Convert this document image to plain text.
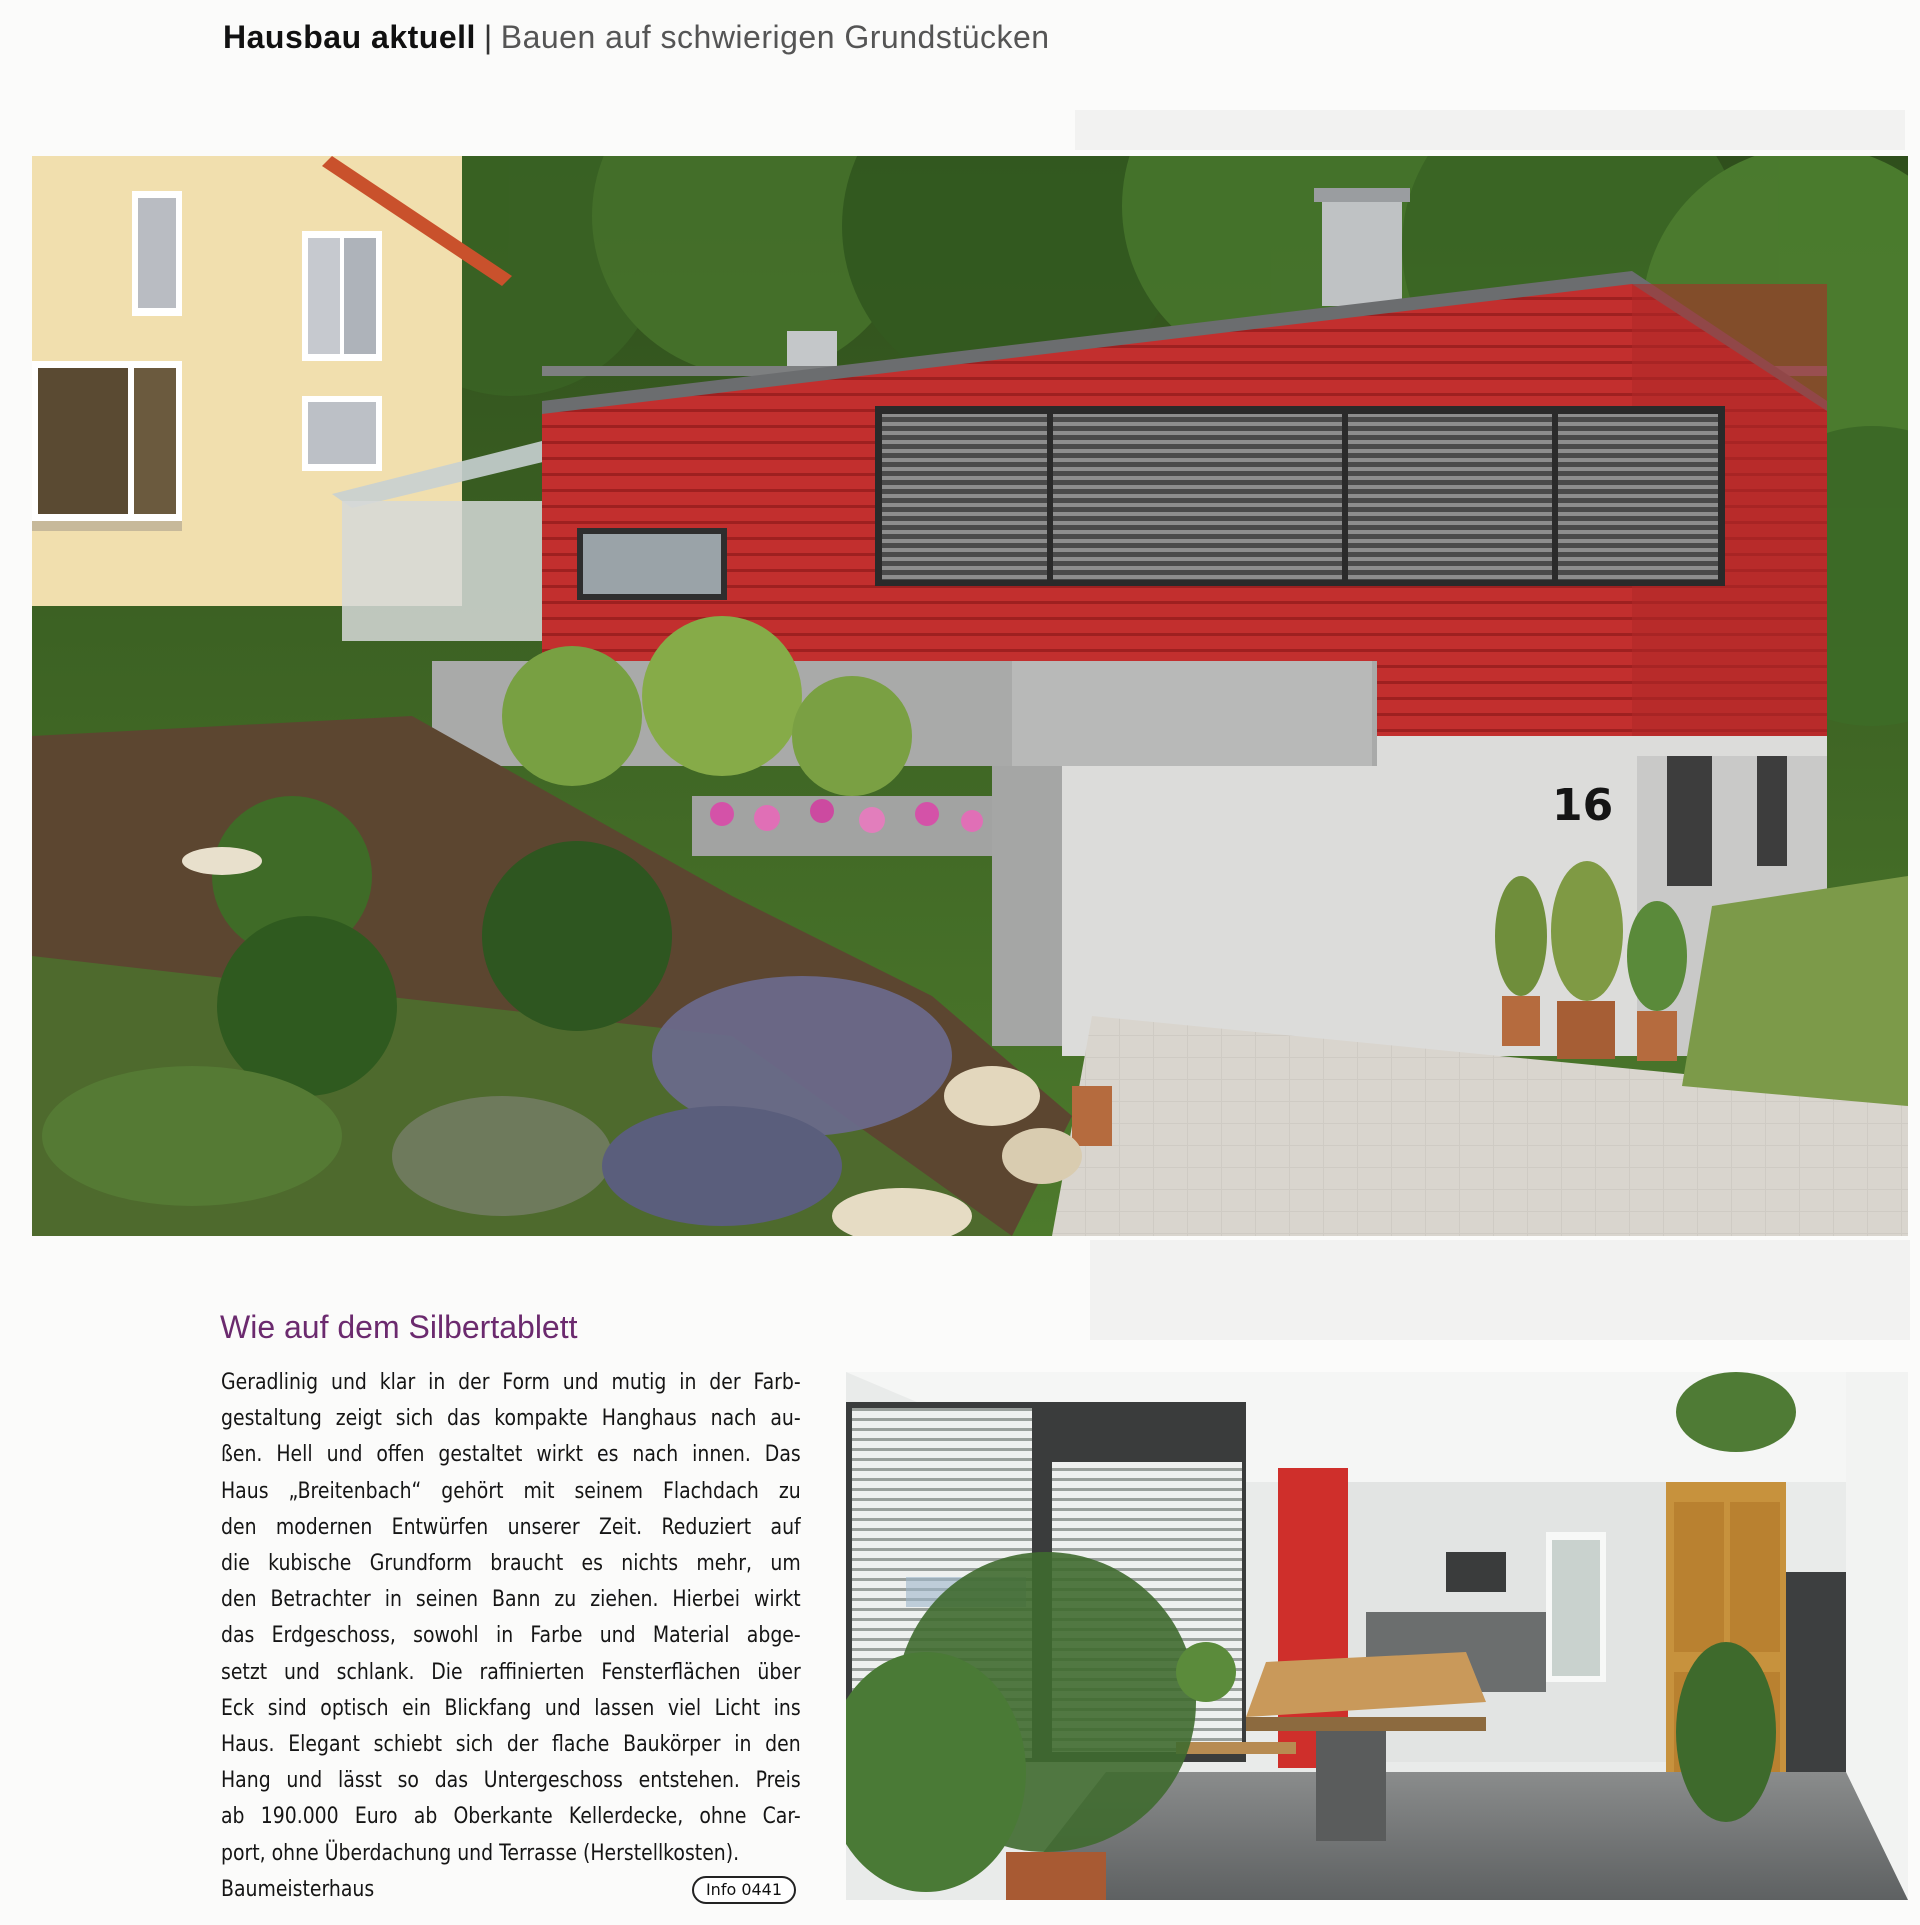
Hausbau aktuell | Bauen auf schwierigen Grundstücken
16
Wie auf dem Silbertablett
Geradlinig und klar in der Form und mutig in der Farb-
gestaltung zeigt sich das kompakte Hanghaus nach au-
ßen. Hell und offen gestaltet wirkt es nach innen. Das
Haus „Breitenbach“ gehört mit seinem Flachdach zu
den modernen Entwürfen unserer Zeit. Reduziert auf
die kubische Grundform braucht es nichts mehr, um
den Betrachter in seinen Bann zu ziehen. Hierbei wirkt
das Erdgeschoss, sowohl in Farbe und Material abge-
setzt und schlank. Die raffinierten Fensterflächen über
Eck sind optisch ein Blickfang und lassen viel Licht ins
Haus. Elegant schiebt sich der flache Baukörper in den
Hang und lässt so das Untergeschoss entstehen. Preis
ab 190.000 Euro ab Oberkante Kellerdecke, ohne Car-
port, ohne Überdachung und Terrasse (Herstellkosten).
Baumeisterhaus	Info 0441
